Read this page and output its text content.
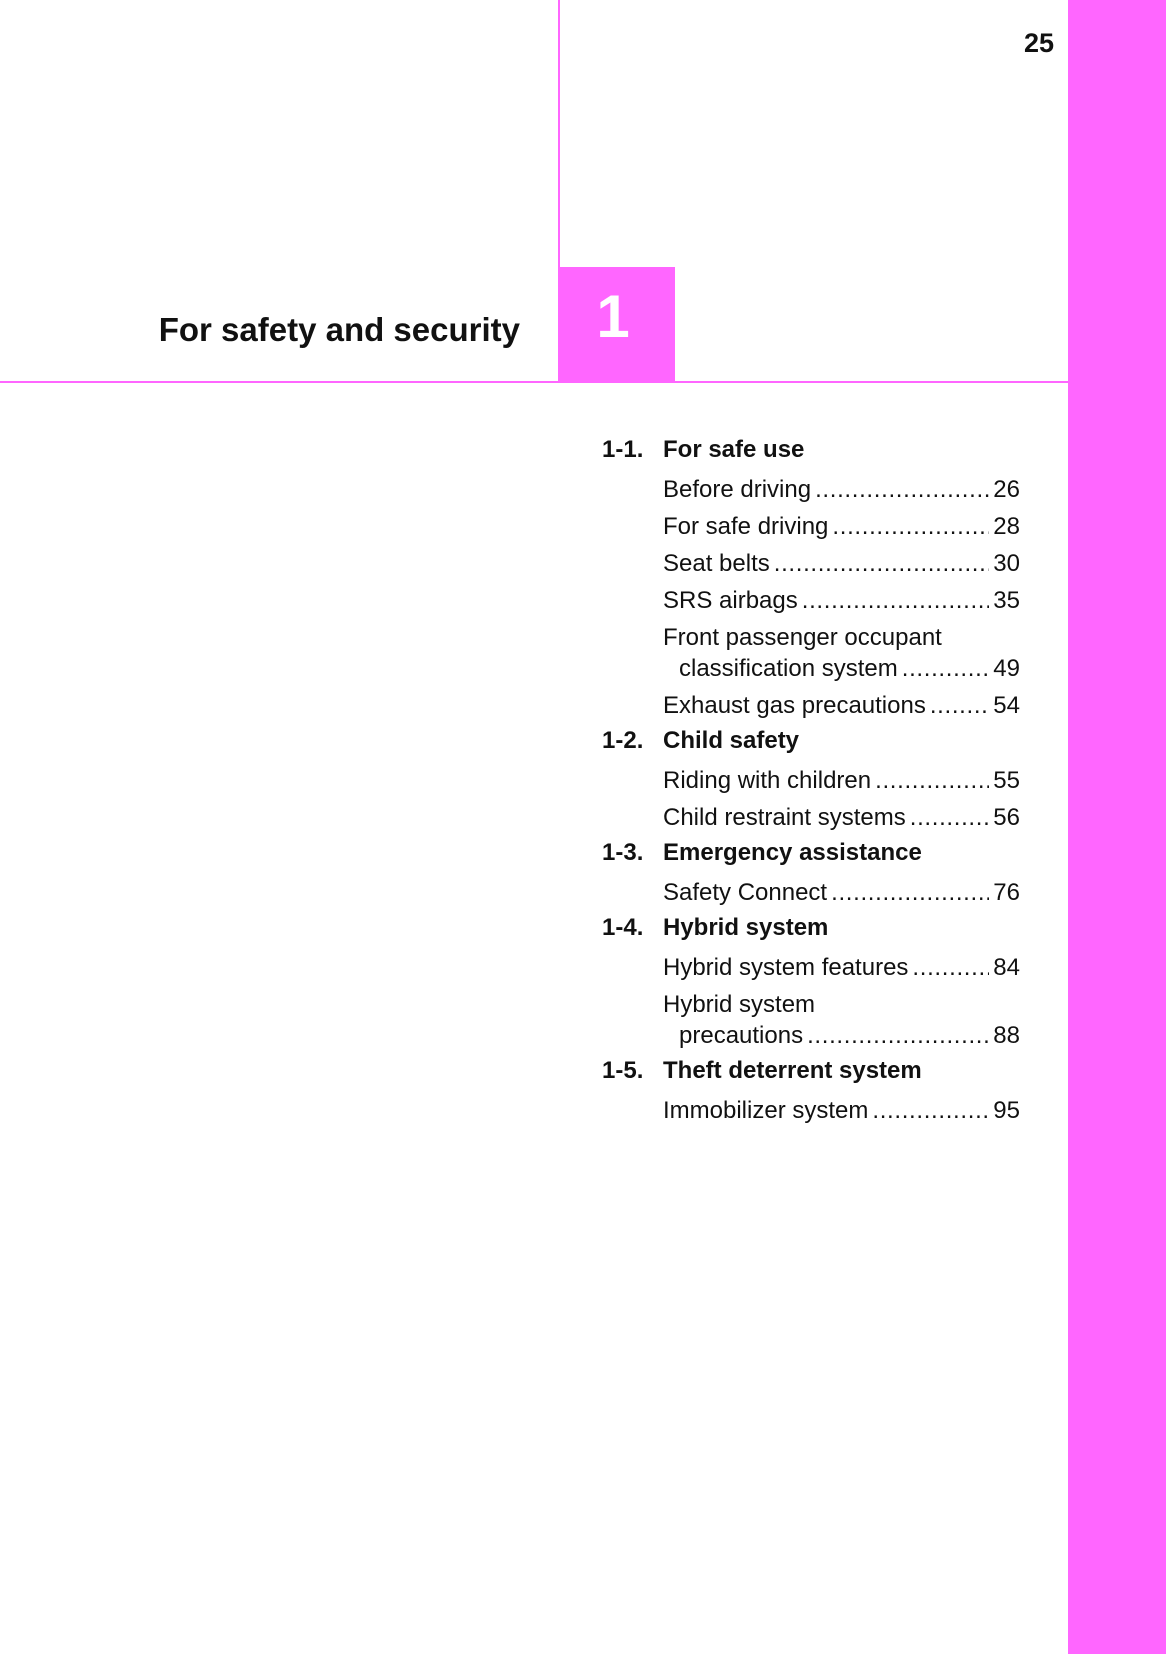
25
For safety and security	1
1-1. For safe use
Before driving . . .	26
For safe driving . . .	28
Seat belts . . .	30
SRS airbags . . .	35
Front passenger occupant
classification system . . .	49
Exhaust gas precautions . . .	54
1-2. Child safety
Riding with children . . .	55
Child restraint systems . . .	56
1-3. Emergency assistance
Safety Connect . . .	76
1-4. Hybrid system
Hybrid system features . . .	84
Hybrid system
precautions . . .	88
1-5. Theft deterrent system
Immobilizer system . . .	95
